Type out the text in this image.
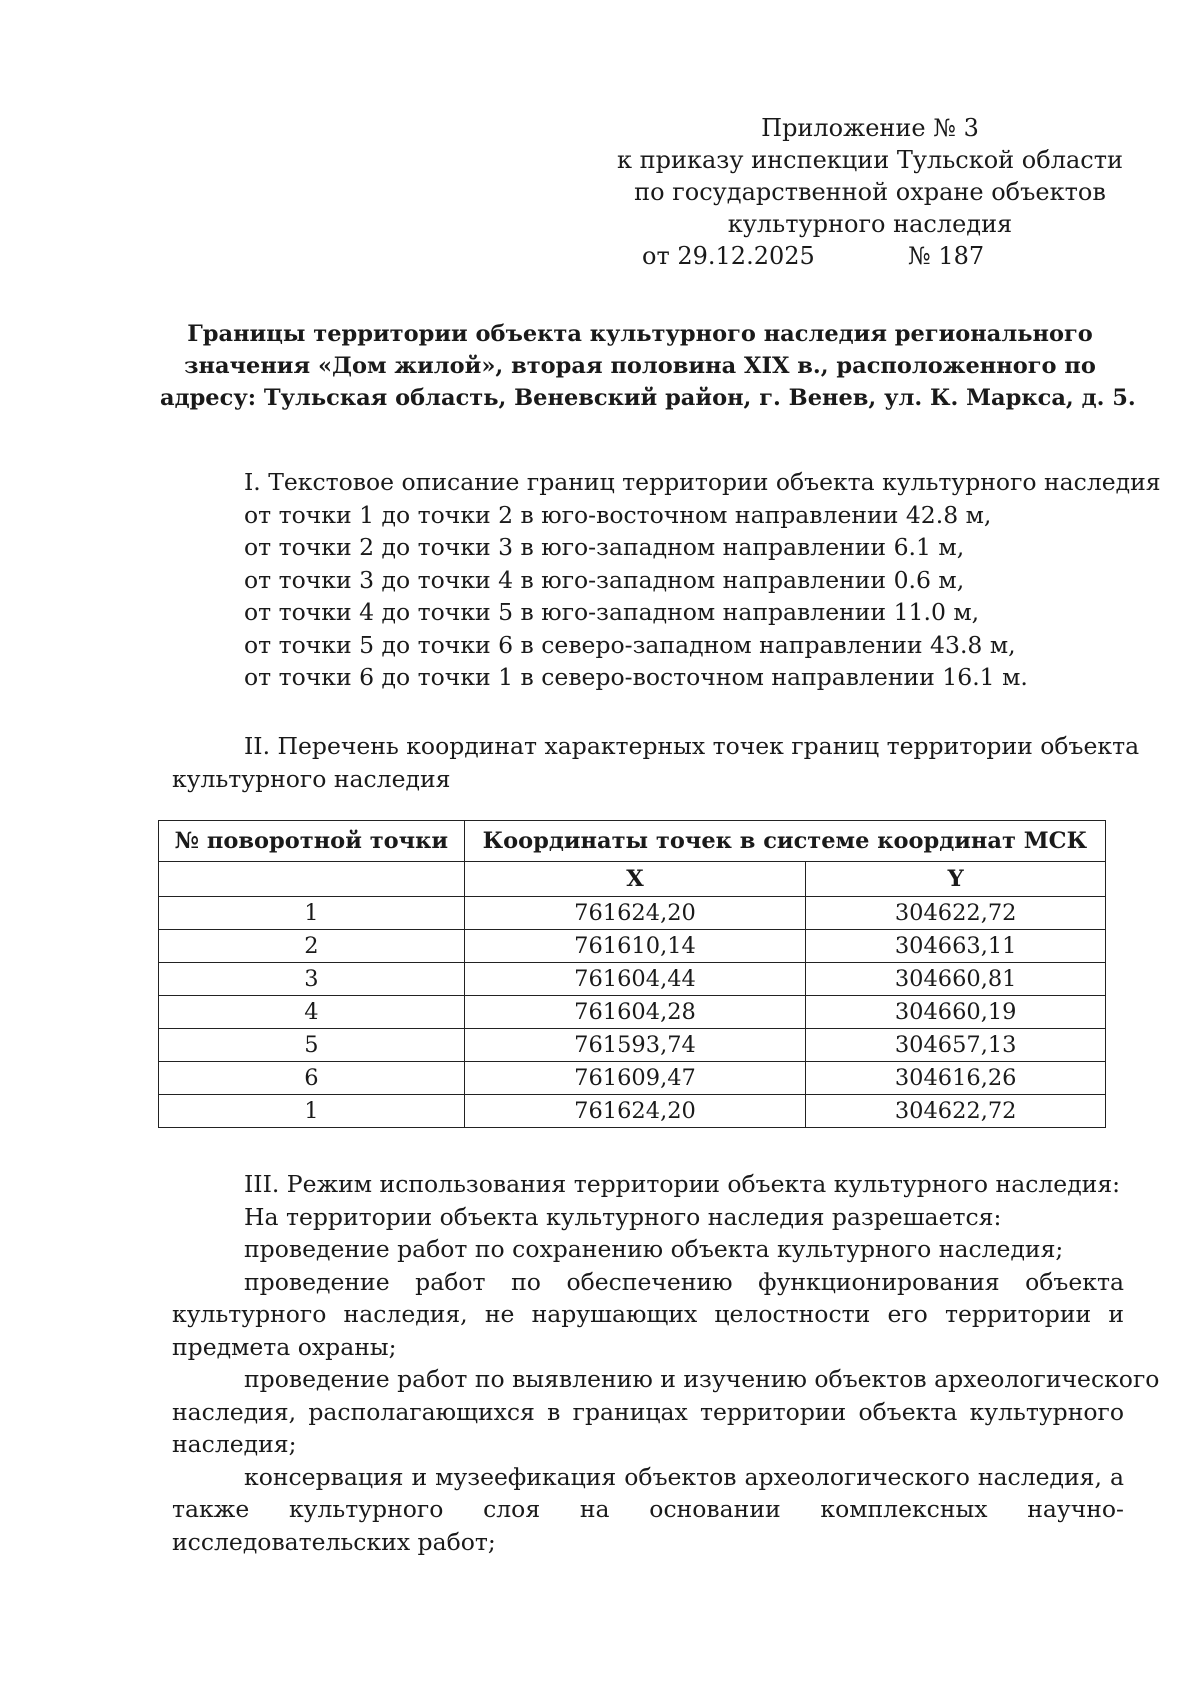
Приложение № 3
к приказу инспекции Тульской области
по государственной охране объектов
культурного наследия
от 29.12.2025	№ 187
Границы территории объекта культурного наследия регионального
значения «Дом жилой», вторая половина XIX в., расположенного по
адресу: Тульская область, Веневский район, г. Венев, ул. К. Маркса, д. 5.
I. Текстовое описание границ территории объекта культурного наследия
от точки 1 до точки 2 в юго-восточном направлении 42.8 м,
от точки 2 до точки 3 в юго-западном направлении 6.1 м,
от точки 3 до точки 4 в юго-западном направлении 0.6 м,
от точки 4 до точки 5 в юго-западном направлении 11.0 м,
от точки 5 до точки 6 в северо-западном направлении 43.8 м,
от точки 6 до точки 1 в северо-восточном направлении 16.1 м.
II. Перечень координат характерных точек границ территории объекта
культурного наследия
№ поворотной точки	Координаты точек в системе координат МСК	
	X	Y
1	761624,20	304622,72
2	761610,14	304663,11
3	761604,44	304660,81
4	761604,28	304660,19
5	761593,74	304657,13
6	761609,47	304616,26
1	761624,20	304622,72
III. Режим использования территории объекта культурного наследия:
На территории объекта культурного наследия разрешается:
проведение работ по сохранению объекта культурного наследия;
проведение работ по обеспечению функционирования объекта
культурного наследия, не нарушающих целостности его территории и
предмета охраны;
проведение работ по выявлению и изучению объектов археологического
наследия, располагающихся в границах территории объекта культурного
наследия;
консервация и музеефикация объектов археологического наследия, а
также культурного слоя на основании комплексных научно-
исследовательских работ;
